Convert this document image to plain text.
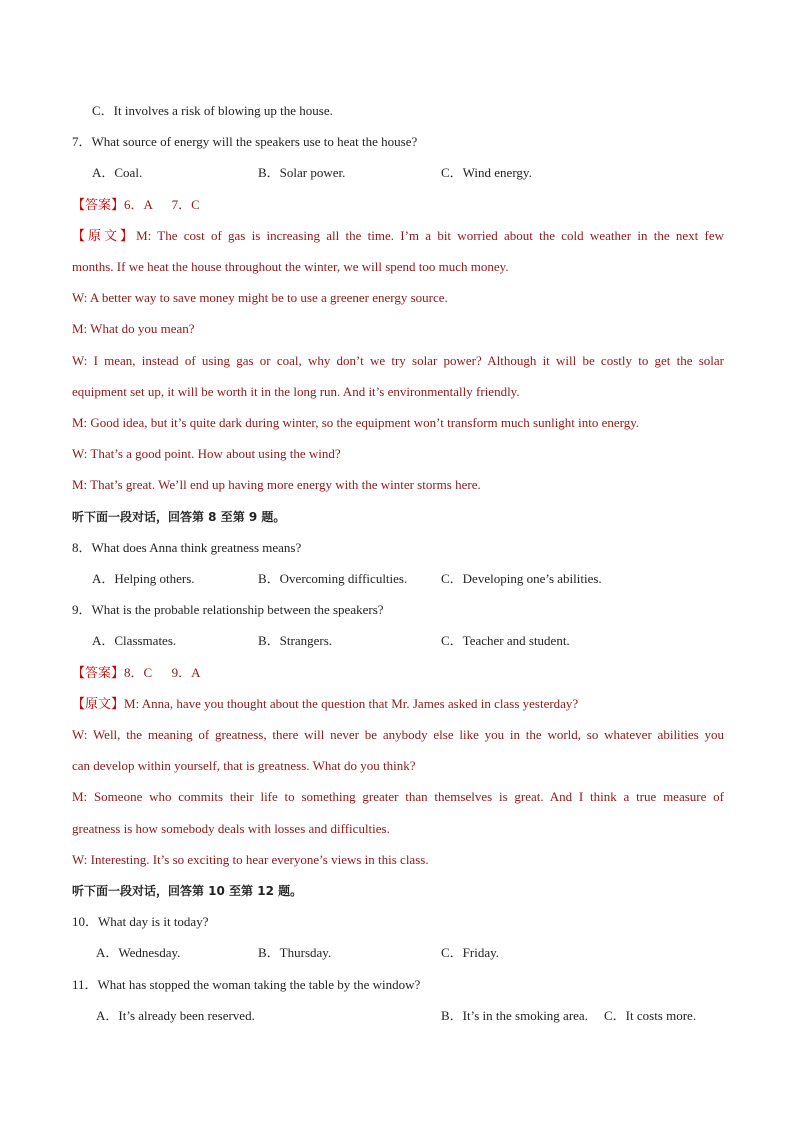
C．It involves a risk of blowing up the house.
7．What source of energy will the speakers use to heat the house?
A．Coal.	B．Solar power.	C．Wind energy.
【答案】6．A      7．C
【原文】M: The cost of gas is increasing all the time. I’m a bit worried about the cold weather in the next few
months. If we heat the house throughout the winter, we will spend too much money.
W: A better way to save money might be to use a greener energy source.
M: What do you mean?
W: I mean, instead of using gas or coal, why don’t we try solar power? Although it will be costly to get the solar
equipment set up, it will be worth it in the long run. And it’s environmentally friendly.
M: Good idea, but it’s quite dark during winter, so the equipment won’t transform much sunlight into energy.
W: That’s a good point. How about using the wind?
M: That’s great. We’ll end up having more energy with the winter storms here.
听下面一段对话，回答第 8 至第 9 题。
8．What does Anna think greatness means?
A．Helping others.	B．Overcoming difficulties.	C．Developing one’s abilities.
9．What is the probable relationship between the speakers?
A．Classmates.	B．Strangers.	C．Teacher and student.
【答案】8．C      9．A
【原文】M: Anna, have you thought about the question that Mr. James asked in class yesterday?
W: Well, the meaning of greatness, there will never be anybody else like you in the world, so whatever abilities you
can develop within yourself, that is greatness. What do you think?
M: Someone who commits their life to something greater than themselves is great. And I think a true measure of
greatness is how somebody deals with losses and difficulties.
W: Interesting. It’s so exciting to hear everyone’s views in this class.
听下面一段对话，回答第 10 至第 12 题。
10．What day is it today?
A．Wednesday.	B．Thursday.	C．Friday.
11．What has stopped the woman taking the table by the window?
A．It’s already been reserved.	B．It’s in the smoking area. C．It costs more.
